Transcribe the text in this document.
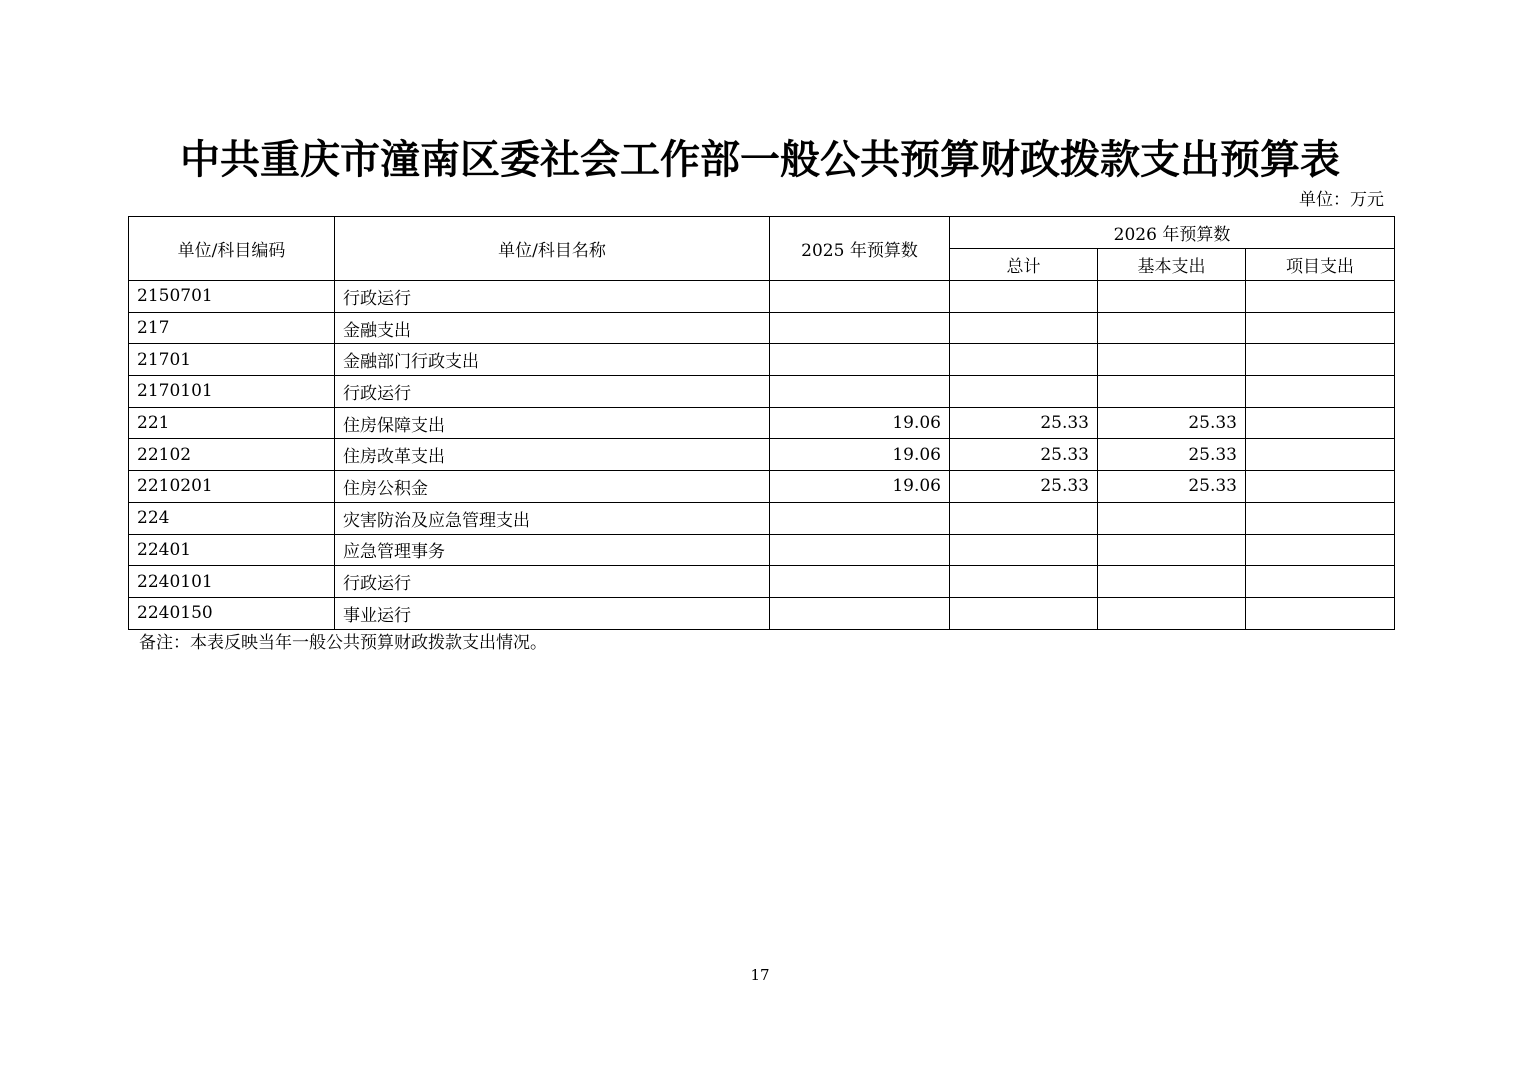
中共重庆市潼南区委社会工作部一般公共预算财政拨款支出预算表
单位：万元
单位/科目编码	单位/科目名称	2025 年预算数	2026 年预算数		
			总计	基本支出	项目支出
2150701	行政运行				
217	金融支出				
21701	金融部门行政支出				
2170101	行政运行				
221	住房保障支出	19.06	25.33	25.33	
22102	住房改革支出	19.06	25.33	25.33	
2210201	住房公积金	19.06	25.33	25.33	
224	灾害防治及应急管理支出				
22401	应急管理事务				
2240101	行政运行				
2240150	事业运行				
备注：本表反映当年一般公共预算财政拨款支出情况。
17
